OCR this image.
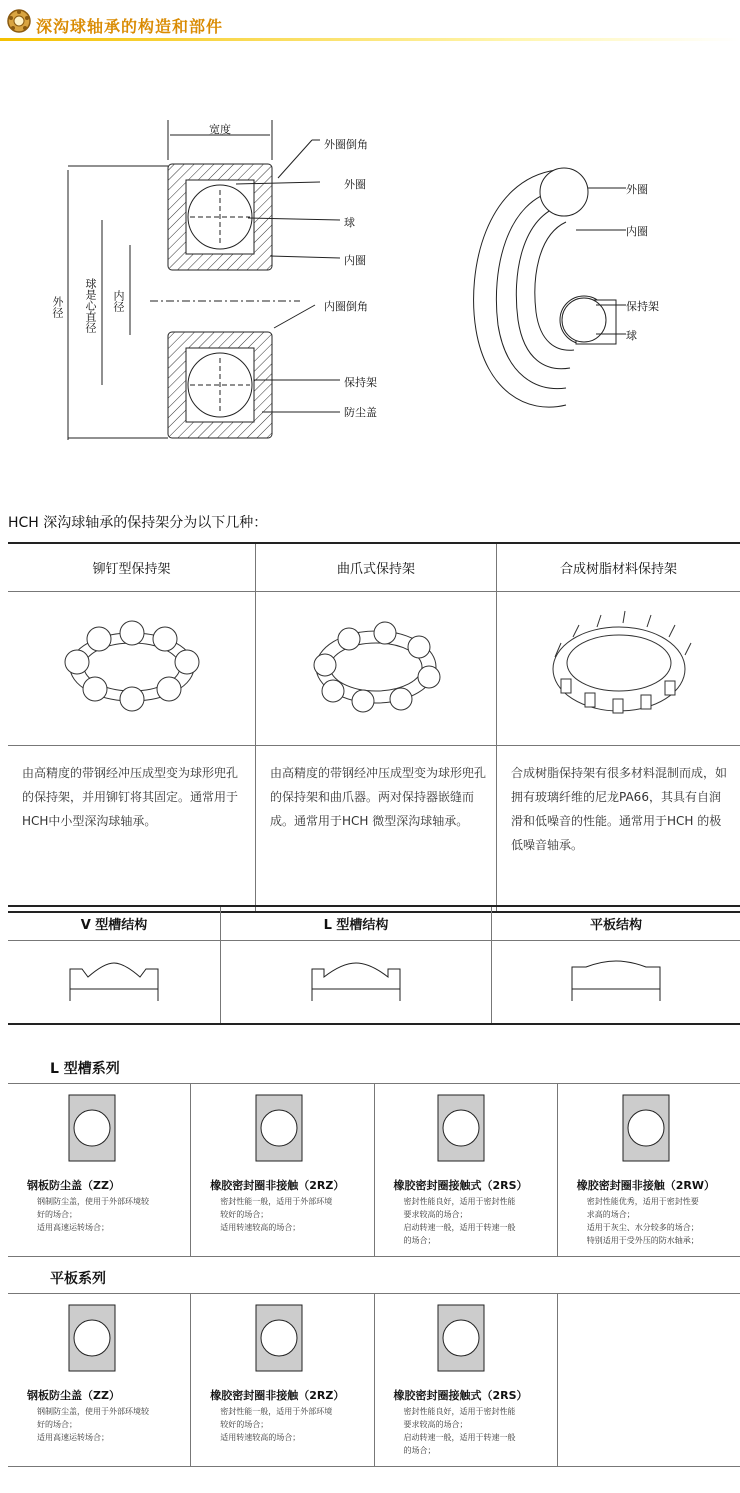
深沟球轴承的构造和部件
宽度
外径 球是心直径 内径
外圈倒角
外圈
球
内圈
内圈倒角
保持架
防尘盖
外圈
内圈
保持架
球
HCH 深沟球轴承的保持架分为以下几种：
铆钉型保持架	曲爪式保持架	合成树脂材料保持架

由高精度的带钢经冲压成型变为球形兜孔的保持架，并用铆钉将其固定。通常用于HCH中小型深沟球轴承。	由高精度的带钢经冲压成型变为球形兜孔的保持架和曲爪器。两对保持器嵌缝而成。通常用于HCH 微型深沟球轴承。	合成树脂保持架有很多材料混制而成，如拥有玻璃纤维的尼龙PA66，其具有自润滑和低噪音的性能。通常用于HCH 的极低噪音轴承。
V 型槽结构	L 型槽结构	平板结构

L 型槽系列
钢板防尘盖（ZZ）
钢制防尘盖，使用于外部环境较
好的场合；
适用高速运转场合；

橡胶密封圈非接触（2RZ）
密封性能一般，适用于外部环境
较好的场合；
适用转速较高的场合；

橡胶密封圈接触式（2RS）
密封性能良好，适用于密封性能
要求较高的场合；
启动转速一般，适用于转速一般
的场合；

橡胶密封圈非接触（2RW）
密封性能优秀，适用于密封性要
求高的场合；
适用于灰尘、水分较多的场合；
特别适用于受外压的防水轴承；
平板系列
钢板防尘盖（ZZ）
钢制防尘盖，使用于外部环境较
好的场合；
适用高速运转场合；

橡胶密封圈非接触（2RZ）
密封性能一般，适用于外部环境
较好的场合；
适用转速较高的场合；

橡胶密封圈接触式（2RS）
密封性能良好，适用于密封性能
要求较高的场合；
启动转速一般，适用于转速一般
的场合；
